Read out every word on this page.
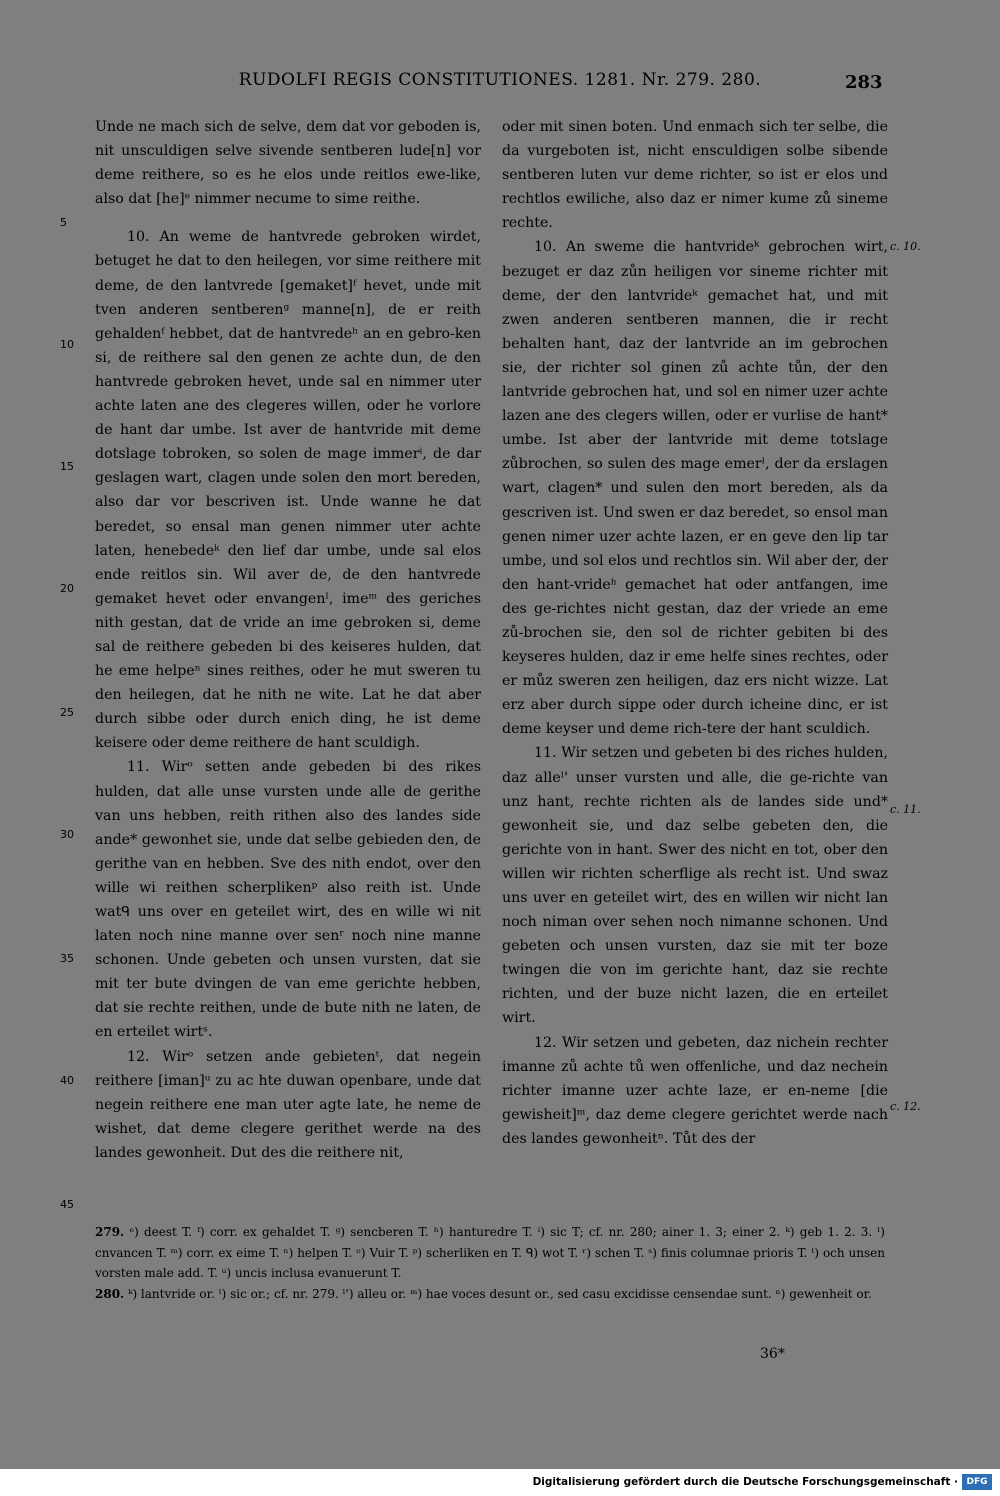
RUDOLFI REGIS CONSTITUTIONES. 1281. Nr. 279. 280.	283

Unde ne mach sich de selve, dem dat vor geboden is, nit unsculdigen selve sivende sentberen lude[n] vor deme reithere, so es he elos unde reitlos ewe-like, also dat [he]ᵉ nimmer necume to sime reithe.

10. An weme de hantvrede gebroken wirdet, betuget he dat to den heilegen, vor sime reithere mit deme, de den lantvrede [gemaket]ᶠ hevet, unde mit tven anderen sentberenᵍ manne[n], de er reith gehaldenᶠ hebbet, dat de hantvredeʰ an en gebro-ken si, de reithere sal den genen ze achte dun, de den hantvrede gebroken hevet, unde sal en nimmer uter achte laten ane des clegeres willen, oder he vorlore de hant dar umbe. Ist aver de hantvride mit deme dotslage tobroken, so solen de mage immerⁱ, de dar geslagen wart, clagen unde solen den mort bereden, also dar vor bescriven ist. Unde wanne he dat beredet, so ensal man genen nimmer uter achte laten, henebedeᵏ den lief dar umbe, unde sal elos ende reitlos sin. Wil aver de, de den hantvrede gemaket hevet oder envangenˡ, imeᵐ des geriches nith gestan, dat de vride an ime gebroken si, deme sal de reithere gebeden bi des keiseres hulden, dat he eme helpeⁿ sines reithes, oder he mut sweren tu den heilegen, dat he nith ne wite. Lat he dat aber durch sibbe oder durch enich ding, he ist deme keisere oder deme reithere de hant sculdigh.

11. Wirᵒ setten ande gebeden bi des rikes hulden, dat alle unse vursten unde alle de gerithe van uns hebben, reith rithen also des landes side ande* gewonhet sie, unde dat selbe gebieden den, de gerithe van en hebben. Sve des nith endot, over den wille wi reithen scherplikenᵖ also reith ist. Unde watᑫ uns over en geteilet wirt, des en wille wi nit laten noch nine manne over senʳ noch nine manne schonen. Unde gebeten och unsen vursten, dat sie mit ter bute dvingen de van eme gerichte hebben, dat sie rechte reithen, unde de bute nith ne laten, de en erteilet wirtˢ.

12. Wirᵒ setzen ande gebietenᵗ, dat negein reithere [iman]ᵘ zu ac hte duwan openbare, unde dat negein reithere ene man uter agte late, he neme de wishet, dat deme clegere gerithet werde na des landes gewonheit. Dut des die reithere nit,

oder mit sinen boten. Und enmach sich ter selbe, die da vurgeboten ist, nicht ensculdigen solbe sibende sentberen luten vur deme richter, so ist er elos und rechtlos ewiliche, also daz er nimer kume zů sineme rechte.

10. An sweme die hantvrideᵏ gebrochen wirt, bezuget er daz zůn heiligen vor sineme richter mit deme, der den lantvrideᵏ gemachet hat, und mit zwen anderen sentberen mannen, die ir recht behalten hant, daz der lantvride an im gebrochen sie, der richter sol ginen zů achte tůn, der den lantvride gebrochen hat, und sol en nimer uzer achte lazen ane des clegers willen, oder er vurlise de hant* umbe. Ist aber der lantvride mit deme totslage zůbrochen, so sulen des mage emerˡ, der da erslagen wart, clagen* und sulen den mort bereden, als da gescriven ist. Und swen er daz beredet, so ensol man genen nimer uzer achte lazen, er en geve den lip tar umbe, und sol elos und rechtlos sin. Wil aber der, der den hant-vrideʰ gemachet hat oder antfangen, ime des ge-richtes nicht gestan, daz der vriede an eme zů-brochen sie, den sol de richter gebiten bi des keyseres hulden, daz ir eme helfe sines rechtes, oder er můz sweren zen heiligen, daz ers nicht wizze. Lat erz aber durch sippe oder durch icheine dinc, er ist deme keyser und deme rich-tere der hant sculdich.

11. Wir setzen und gebeten bi des riches hulden, daz alleˡ' unser vursten und alle, die ge-richte van unz hant, rechte richten als de landes side und* gewonheit sie, und daz selbe gebeten den, die gerichte von in hant. Swer des nicht en tot, ober den willen wir richten scherflige als recht ist. Und swaz uns uver en geteilet wirt, des en willen wir nicht lan noch niman over sehen noch nimanne schonen. Und gebeten och unsen vursten, daz sie mit ter boze twingen die von im gerichte hant, daz sie rechte richten, und der buze nicht lazen, die en erteilet wirt.

12. Wir setzen und gebeten, daz nichein rechter imanne zů achte tů wen offenliche, und daz nechein richter imanne uzer achte laze, er en-neme [die gewisheit]ᵐ, daz deme clegere gerichtet werde nach des landes gewonheitⁿ. Tůt des der

5
10
15
20
25
30
35
40
45
c. 10.
c. 11.
c. 12.

279. ᵉ) deest T. ᶠ) corr. ex gehaldet T. ᵍ) sencberen T. ʰ) hanturedre T. ⁱ) sic T; cf. nr. 280; ainer 1. 3; einer 2. ᵏ) geb 1. 2. 3. ˡ) cnvancen T. ᵐ) corr. ex eime T. ⁿ) helpen T. ᵒ) Vuir T. ᵖ) scherliken en T. ᑫ) wot T. ʳ) schen T. ˢ) finis columnae prioris T. ᵗ) och unsen vorsten male add. T. ᵘ) uncis inclusa evanuerunt T.

280. ᵏ) lantvride or. ˡ) sic or.; cf. nr. 279. ˡ') alleu or. ᵐ) hae voces desunt or., sed casu excidisse censendae sunt. ⁿ) gewenheit or.

36*
Digitalisierung gefördert durch die Deutsche Forschungsgemeinschaft · DFG
